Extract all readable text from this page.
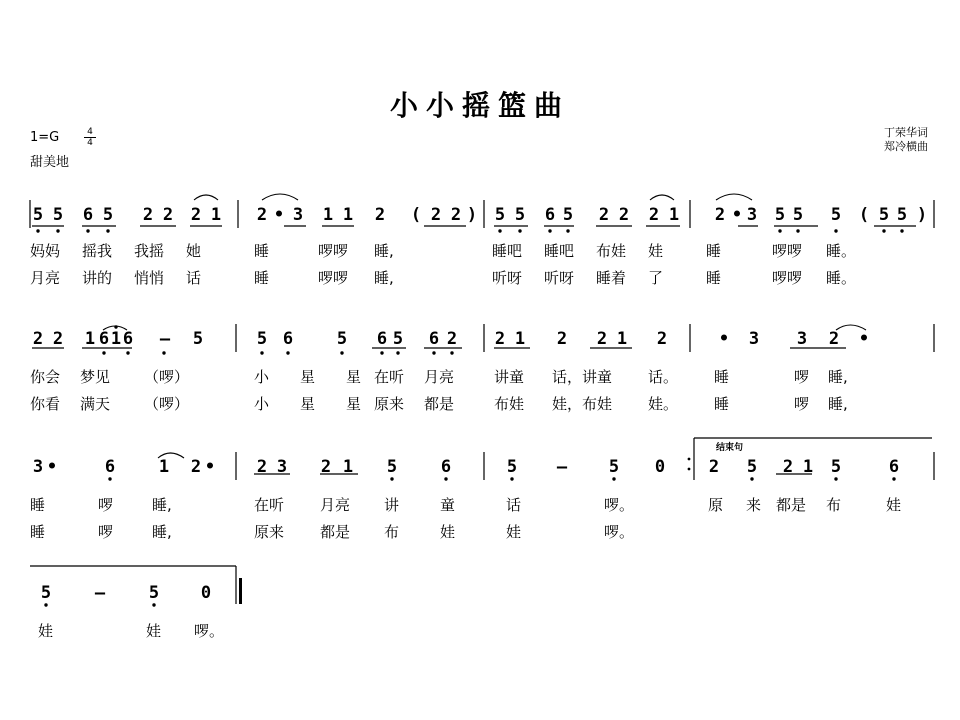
小小摇篮曲
1=G	4
4
甜美地
丁荣华词
郑冷横曲
结束句
5 5 6 5 2 2 2 1 2 • 3 1 1 2 ( 2 2 ) 5 5 6 5 2 2 2 1 2 • 3 5 5 5 ( 5 5 )
2 2 1 6 1 6 – 5	5 6	5 6 5 6 2 2 1 2 2 1 2	• 3 3 2 •
3 •	6	1 2 • 2 3 2 1 5	6	5 – 5 0	2 5 2 1 5	6
5	–	5 0
妈妈 摇我 我摇 她	睡	啰啰 睡,	睡吧 睡吧 布娃 娃	睡	啰啰 睡。
月亮 讲的 悄悄 话	睡	啰啰 睡,	听呀 听呀 睡着 了	睡	啰啰 睡。
你会 梦见 （啰）	小 星 星 在听 月亮	讲童 话，讲童 话。 睡	啰 睡,
你看 满天 （啰）	小 星 星 原来 都是	布娃 娃，布娃 娃。 睡	啰 睡,
睡	啰	睡,	在听 月亮 讲	童	话	啰。	原 来 都是 布	娃
睡	啰	睡,	原来 都是 布	娃	娃	啰。
娃	娃 啰。
